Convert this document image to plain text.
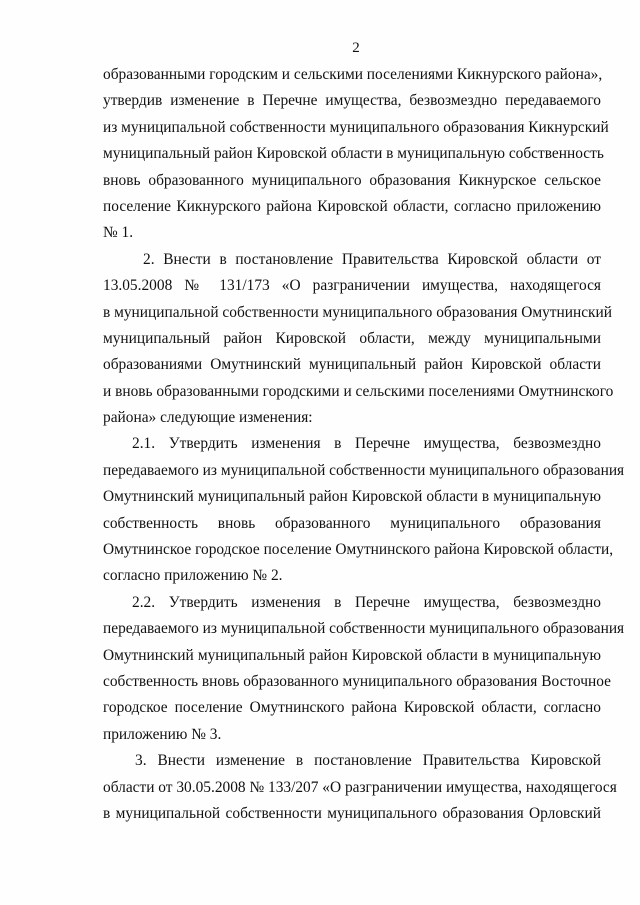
2
образованными городским и сельскими поселениями Кикнурского района»,
утвердив изменение в Перечне имущества, безвозмездно передаваемого
из муниципальной собственности муниципального образования Кикнурский
муниципальный район Кировской области в муниципальную собственность
вновь образованного муниципального образования Кикнурское сельское
поселение Кикнурского района Кировской области, согласно приложению
№ 1.
2. Внести в постановление Правительства Кировской области от
13.05.2008 № 131/173 «О разграничении имущества, находящегося
в муниципальной собственности муниципального образования Омутнинский
муниципальный район Кировской области, между муниципальными
образованиями Омутнинский муниципальный район Кировской области
и вновь образованными городскими и сельскими поселениями Омутнинского
района» следующие изменения:
2.1. Утвердить изменения в Перечне имущества, безвозмездно
передаваемого из муниципальной собственности муниципального образования
Омутнинский муниципальный район Кировской области в муниципальную
собственность вновь образованного муниципального образования
Омутнинское городское поселение Омутнинского района Кировской области,
согласно приложению № 2.
2.2. Утвердить изменения в Перечне имущества, безвозмездно
передаваемого из муниципальной собственности муниципального образования
Омутнинский муниципальный район Кировской области в муниципальную
собственность вновь образованного муниципального образования Восточное
городское поселение Омутнинского района Кировской области, согласно
приложению № 3.
3. Внести изменение в постановление Правительства Кировской
области от 30.05.2008 № 133/207 «О разграничении имущества, находящегося
в муниципальной собственности муниципального образования Орловский
